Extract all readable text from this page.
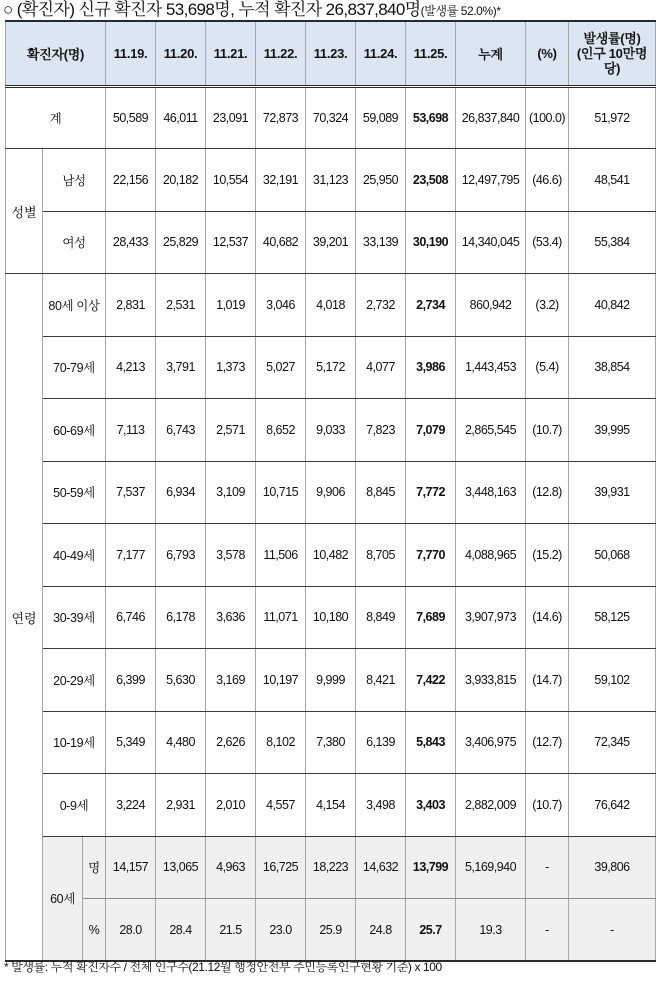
○ (확진자) 신규 확진자 53,698명, 누적 확진자 26,837,840명(발생률 52.0%)*
확진자(명)			11.19.	11.20.	11.21.	11.22.	11.23.	11.24.	11.25.	누계	(%)	발생률(명)
(인구 10만명
당)
계			50,589	46,011	23,091	72,873	70,324	59,089	53,698	26,837,840	(100.0)	51,972
성별	남성		22,156	20,182	10,554	32,191	31,123	25,950	23,508	12,497,795	(46.6)	48,541
	여성		28,433	25,829	12,537	40,682	39,201	33,139	30,190	14,340,045	(53.4)	55,384
연령	80세 이상		2,831	2,531	1,019	3,046	4,018	2,732	2,734	860,942	(3.2)	40,842
	70-79세		4,213	3,791	1,373	5,027	5,172	4,077	3,986	1,443,453	(5.4)	38,854
	60-69세		7,113	6,743	2,571	8,652	9,033	7,823	7,079	2,865,545	(10.7)	39,995
	50-59세		7,537	6,934	3,109	10,715	9,906	8,845	7,772	3,448,163	(12.8)	39,931
	40-49세		7,177	6,793	3,578	11,506	10,482	8,705	7,770	4,088,965	(15.2)	50,068
	30-39세		6,746	6,178	3,636	11,071	10,180	8,849	7,689	3,907,973	(14.6)	58,125
	20-29세		6,399	5,630	3,169	10,197	9,999	8,421	7,422	3,933,815	(14.7)	59,102
	10-19세		5,349	4,480	2,626	8,102	7,380	6,139	5,843	3,406,975	(12.7)	72,345
	0-9세		3,224	2,931	2,010	4,557	4,154	3,498	3,403	2,882,009	(10.7)	76,642
	60세	명	14,157	13,065	4,963	16,725	18,223	14,632	13,799	5,169,940	-	39,806
		%	28.0	28.4	21.5	23.0	25.9	24.8	25.7	19.3	-	-
* 발생률: 누적 확진자수 / 전체 인구수(21.12월 행정안전부 주민등록인구현황 기준) x 100
